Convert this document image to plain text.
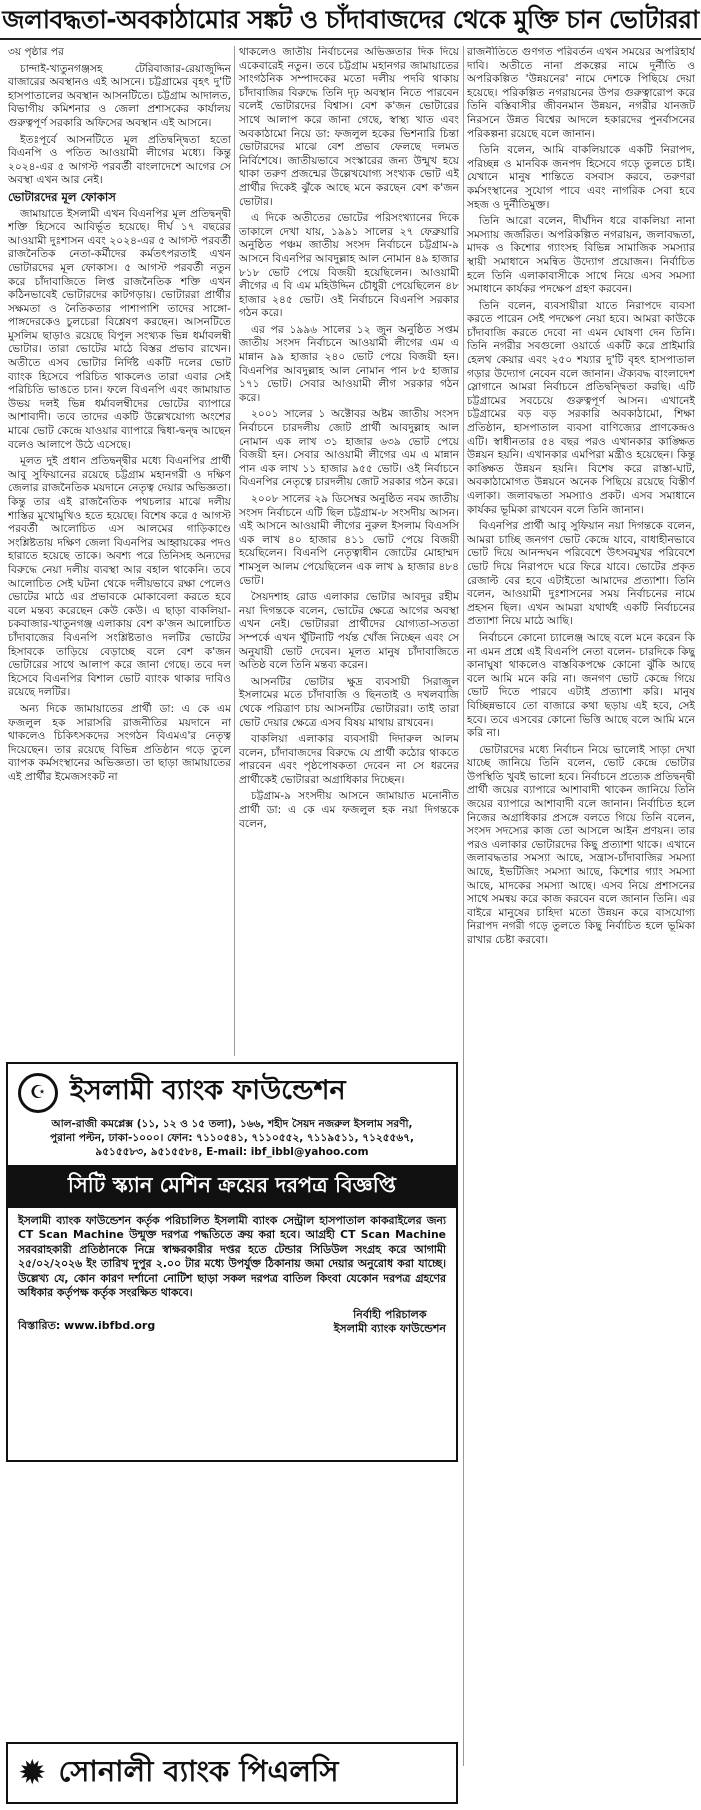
জলাবদ্ধতা-অবকাঠামোর সঙ্কট ও চাঁদাবাজদের থেকে মুক্তি চান ভোটাররা

৩য় পৃষ্ঠার পর

চান্দাই-খাতুনগঞ্জসহ টেরিবাজার-রেয়াজুদ্দিন বাজারের অবস্থানও এই আসনে। চট্টগ্রামের বৃহৎ দু'টি হাসপাতালের অবস্থান আসনটিতে। চট্টগ্রাম আদালত, বিভাগীয় কমিশনার ও জেলা প্রশাসকের কার্যালয় গুরুত্বপূর্ণ সরকারি অফিসের অবস্থান এই আসনে।

ইতঃপূর্বে আসনটিতে মূল প্রতিদ্বন্দ্বিতা হতো বিএনপি ও পতিত আওয়ামী লীগের মধ্যে। কিন্তু ২০২৪-এর ৫ আগস্ট পরবর্তী বাংলাদেশে আগের সে অবস্থা এখন আর নেই।

ভোটারদের মূল ফোকাস

জামায়াতে ইসলামী এখন বিএনপির মূল প্রতিদ্বন্দ্বী শক্তি হিসেবে আবির্ভূত হয়েছে। দীর্ঘ ১৭ বছরের আওয়ামী দুঃশাসন এবং ২০২৪-এর ৫ আগস্ট পরবর্তী রাজনৈতিক নেতা-কর্মীদের কর্মতৎপরতাই এখন ভোটারদের মূল ফোকাস। ৫ আগস্ট পরবর্তী নতুন করে চাঁদাবাজিতে লিপ্ত রাজনৈতিক শক্তি এখন কঠিনভাবেই ভোটারদের কাটগড়ায়। ভোটাররা প্রার্থীর সক্ষমতা ও নৈতিকতার পাশাপাশি তাদের সাঙ্গো-পাঙ্গদেরকেও চুলচেরা বিশ্লেষণ করছেন। আসনটিতে মুসলিম ছাড়াও রয়েছে বিপুল সংখ্যক ভিন্ন ধর্মাবলম্বী ভোটার। তারা ভোটের মাঠে বিস্তর প্রভাব রাখেন। অতীতে এসব ভোটার নির্দিষ্ট একটি দলের ভোট ব্যাংক হিসেবে পরিচিত থাকলেও তারা এবার সেই পরিচিতি ভাঙতে চান। ফলে বিএনপি এবং জামায়াত উভয় দলই ভিন্ন ধর্মাবলম্বীদের ভোটের ব্যাপারে আশাবাদী। তবে তাদের একটি উল্লেখযোগ্য অংশের মাঝে ভোট কেন্দ্রে যাওয়ার ব্যাপারে দ্বিধা-দ্বন্দ্ব আছেন বলেও আলাপে উঠে এসেছে।

মূলত দুই প্রধান প্রতিদ্বন্দ্বীর মধ্যে বিএনপির প্রার্থী আবু সুফিয়ানের রয়েছে চট্টগ্রাম মহানগরী ও দক্ষিণ জেলার রাজনৈতিক ময়দানে নেতৃত্ব দেয়ার অভিজ্ঞতা। কিন্তু তার এই রাজনৈতিক পথচলার মাঝে দলীয় শাস্তির মুখোমুখিও হতে হয়েছে। বিশেষ করে ৫ আগস্ট পরবর্তী আলোচিত এস আলমের গাড়িকাণ্ডে সংশ্লিষ্টতায় দক্ষিণ জেলা বিএনপির আহ্বায়কের পদও হারাতে হয়েছে তাকে। অবশ্য পরে তিনিসহ অন্যদের বিরুদ্ধে নেয়া দলীয় ব্যবস্থা আর বহাল থাকেনি। তবে আলোচিত সেই ঘটনা থেকে দলীয়ভাবে রক্ষা পেলেও ভোটের মাঠে এর প্রভাবকে মোকাবেলা করতে হবে বলে মন্তব্য করেছেন কেউ কেউ। এ ছাড়া বাকলিয়া-চকবাজার-খাতুনগঞ্জ এলাকায় বেশ ক'জন আলোচিত চাঁদাবাজের বিএনপি সংশ্লিষ্টতাও দলটির ভোটের হিসাবকে তাড়িয়ে বেড়াচ্ছে বলে বেশ ক'জন ভোটারের সাথে আলাপ করে জানা গেছে। তবে দল হিসেবে বিএনপির বিশাল ভোট ব্যাংক থাকার দাবিও রয়েছে দলটির।

অন্য দিকে জামায়াতের প্রার্থী ডা: এ কে এম ফজলুল হক সারাসরি রাজনীতির ময়দানে না থাকলেও চিকিৎসকদের সংগঠন বিএমএ'র নেতৃত্ব দিয়েছেন। তার রয়েছে বিভিন্ন প্রতিষ্ঠান গড়ে তুলে ব্যাপক কর্মসংস্থানের অভিজ্ঞতা। তা ছাড়া জামায়াতের এই প্রার্থীর ইমেজসংকট না

থাকলেও জাতীয় নির্বাচনের অভিজ্ঞতার দিক দিয়ে একেবারেই নতুন। তবে চট্টগ্রাম মহানগর জামায়াতের সাংগঠনিক সম্পাদকের মতো দলীয় পদবি থাকায় চাঁদাবাজির বিরুদ্ধে তিনি দৃঢ় অবস্থান নিতে পারবেন বলেই ভোটারদের বিশ্বাস। বেশ ক'জন ভোটারের সাথে আলাপ করে জানা গেছে, স্বাস্থ্য খাত এবং অবকাঠামো নিয়ে ডা: ফজলুল হকের ভিশনারি চিন্তা ভোটারদের মাঝে বেশ প্রভাব ফেলছে দলমত নির্বিশেষে। জাতীয়ভাবে সংস্কারের জন্য উন্মুখ হয়ে থাকা তরুণ প্রজন্মের উল্লেখযোগ্য সংখ্যক ভোট এই প্রার্থীর দিকেই ঝুঁকে আছে মনে করছেন বেশ ক'জন ভোটার।

এ দিকে অতীতের ভোটের পরিসংখ্যানের দিকে তাকালে দেখা যায়, ১৯৯১ সালের ২৭ ফেব্রুয়ারি অনুষ্ঠিত পঞ্চম জাতীয় সংসদ নির্বাচনে চট্টগ্রাম-৯ আসনে বিএনপির আবদুল্লাহ আল নোমান ৪৯ হাজার ৮১৮ ভোট পেয়ে বিজয়ী হয়েছিলেন। আওয়ামী লীগের এ বি এম মহিউদ্দিন চৌধুরী পেয়েছিলেন ৪৮ হাজার ২৪৫ ভোট। ওই নির্বাচনে বিএনপি সরকার গঠন করে।

এর পর ১৯৯৬ সালের ১২ জুন অনুষ্ঠিত সপ্তম জাতীয় সংসদ নির্বাচনে আওয়ামী লীগের এম এ মান্নান ৯৯ হাজার ২৪০ ভোট পেয়ে বিজয়ী হন। বিএনপির আবদুল্লাহ আল নোমান পান ৮৫ হাজার ১৭১ ভোট। সেবার আওয়ামী লীগ সরকার গঠন করে।

২০০১ সালের ১ অক্টোবর অষ্টম জাতীয় সংসদ নির্বাচনে চারদলীয় জোট প্রার্থী আবদুল্লাহ আল নোমান এক লাখ ৩১ হাজার ৬৩৯ ভোট পেয়ে বিজয়ী হন। সেবার আওয়ামী লীগের এম এ মান্নান পান এক লাখ ১১ হাজার ৯৫৫ ভোট। ওই নির্বাচনে বিএনপির নেতৃত্বে চারদলীয় জোট সরকার গঠন করে।

২০০৮ সালের ২৯ ডিসেম্বর অনুষ্ঠিত নবম জাতীয় সংসদ নির্বাচনে এটি ছিল চট্টগ্রাম-৮ সংসদীয় আসন। এই আসনে আওয়ামী লীগের নুরুল ইসলাম বিএসসি এক লাখ ৪০ হাজার ৪১১ ভোট পেয়ে বিজয়ী হয়েছিলেন। বিএনপি নেতৃত্বাধীন জোটের মোহাম্মদ শামসুল আলম পেয়েছিলেন এক লাখ ৯ হাজার ৪৮৪ ভোট।

সৈয়দশাহ রোড এলাকার ভোটার আবদুর রহীম নয়া দিগন্তকে বলেন, ভোটের ক্ষেত্রে আগের অবস্থা এখন নেই। ভোটাররা প্রার্থীদের যোগ্যতা-সততা সম্পর্কে এখন খুঁটিনাটি পর্যন্ত খোঁজ নিচ্ছেন এবং সে অনুযায়ী ভোট দেবেন। মূলত মানুষ চাঁদাবাজিতে অতিষ্ঠ বলে তিনি মন্তব্য করেন।

আসনটির ভোটার ক্ষুদ্র ব্যবসায়ী সিরাজুল ইসলামের মতে চাঁদাবাজি ও ছিনতাই ও দখলবাজি থেকে পরিত্রাণ চায় আসনটির ভোটাররা। তাই তারা ভোট দেয়ার ক্ষেত্রে এসব বিষয় মাথায় রাখবেন।

বাকলিয়া এলাকার ব্যবসায়ী দিদারুল আলম বলেন, চাঁদাবাজদের বিরুদ্ধে যে প্রার্থী কঠোর থাকতে পারবেন এবং পৃষ্ঠপোষকতা দেবেন না সে ধরনের প্রার্থীকেই ভোটাররা অগ্রাধিকার দিচ্ছেন।

চট্টগ্রাম-৯ সংসদীয় আসনে জামায়াত মনোনীত প্রার্থী ডা: এ কে এম ফজলুল হক নয়া দিগন্তকে বলেন,

রাজনীতিতে গুণগত পরিবর্তন এখন সময়ের অপরিহার্য দাবি। অতীতে নানা প্রকল্পের নামে দুর্নীতি ও অপরিকল্পিত 'উন্নয়নের' নামে দেশকে পিছিয়ে দেয়া হয়েছে। পরিকল্পিত নগরায়নের উপর গুরুত্বারোপ করে তিনি বস্তিবাসীর জীবনমান উন্নয়ন, নগরীর যানজট নিরসনে উন্নত বিশ্বের আদলে হকারদের পুনর্বাসনের পরিকল্পনা রয়েছে বলে জানান।

তিনি বলেন, আমি বাকলিয়াকে একটি নিরাপদ, পরিচ্ছন্ন ও মানবিক জনপদ হিসেবে গড়ে তুলতে চাই। যেখানে মানুষ শান্তিতে বসবাস করবে, তরুণরা কর্মসংস্থানের সুযোগ পাবে এবং নাগরিক সেবা হবে সহজ ও দুর্নীতিমুক্ত।

তিনি আরো বলেন, দীর্ঘদিন ধরে বাকলিয়া নানা সমস্যায় জর্জরিত। অপরিকল্পিত নগরায়ন, জলাবদ্ধতা, মাদক ও কিশোর গ্যাংসহ বিভিন্ন সামাজিক সমস্যার স্থায়ী সমাধানে সমন্বিত উদ্যোগ প্রয়োজন। নির্বাচিত হলে তিনি এলাকাবাসীকে সাথে নিয়ে এসব সমস্যা সমাধানে কার্যকর পদক্ষেপ গ্রহণ করবেন।

তিনি বলেন, ব্যবসায়ীরা যাতে নিরাপদে ব্যবসা করতে পারেন সেই পদক্ষেপ নেয়া হবে। আমরা কাউকে চাঁদাবাজি করতে দেবো না এমন ঘোষণা দেন তিনি। তিনি নগরীর সবগুলো ওয়ার্ডে একটি করে প্রাইমারি হেলথ কেয়ার এবং ২৫০ শয্যার দু'টি বৃহৎ হাসপাতাল গড়ার উদ্যোগ নেবেন বলে জানান। ঐক্যবদ্ধ বাংলাদেশ স্লোগানে আমরা নির্বাচনে প্রতিদ্বন্দ্বিতা করছি। এটি চট্টগ্রামের সবচেয়ে গুরুত্বপূর্ণ আসন। এখানেই চট্টগ্রামের বড় বড় সরকারি অবকাঠামো, শিক্ষা প্রতিষ্ঠান, হাসপাতাল ব্যবসা বাণিজ্যের প্রাণকেন্দ্রও এটি। স্বাধীনতার ৫৪ বছর পরও এখানকার কাঙ্ক্ষিত উন্নয়ন হয়নি। এখানকার এমপিরা মন্ত্রীও হয়েছেন। কিন্তু কাঙ্ক্ষিত উন্নয়ন হয়নি। বিশেষ করে রাস্তা-ঘাট, অবকাঠামোগত উন্নয়নে অনেক পিছিয়ে রয়েছে বিস্তীর্ণ এলাকা। জলাবদ্ধতা সমস্যাও প্রকট। এসব সমাধানে কার্যকর ভূমিকা রাখবেন বলে তিনি জানান।

বিএনপির প্রার্থী আবু সুফিয়ান নয়া দিগন্তকে বলেন, আমরা চাচ্ছি জনগণ ভোট কেন্দ্রে যাবে, বাধাহীনভাবে ভোট দিয়ে আনন্দঘন পরিবেশে উৎসবমুখর পরিবেশে ভোট দিয়ে নিরাপদে ঘরে ফিরে যাবে। ভোটের প্রকৃত রেজাল্ট বের হবে এটাইতো আমাদের প্রত্যাশা। তিনি বলেন, আওয়ামী দুঃশাসনের সময় নির্বাচনের নামে প্রহসন ছিল। এখন আমরা যথার্থই একটি নির্বাচনের প্রত্যাশা নিয়ে মাঠে আছি।

নির্বাচনে কোনো চ্যালেঞ্জ আছে বলে মনে করেন কি না এমন প্রশ্নে এই বিএনপি নেতা বলেন- চারদিকে কিছু কানাঘুষা থাকলেও বাস্তবিকপক্ষে কোনো ঝুঁকি আছে বলে আমি মনে করি না। জনগণ ভোট কেন্দ্রে গিয়ে ভোট দিতে পারবে এটাই প্রত্যাশা করি। মানুষ বিচ্ছিন্নভাবে তো বাজারে কথা ছড়ায় এই হবে, সেই হবে। তবে এসবের কোনো ভিত্তি আছে বলে আমি মনে করি না।

ভোটারদের মধ্যে নির্বাচন নিয়ে ভালোই সাড়া দেখা যাচ্ছে জানিয়ে তিনি বলেন, ভোট কেন্দ্রে ভোটার উপস্থিতি খুবই ভালো হবে। নির্বাচনে প্রত্যেক প্রতিদ্বন্দ্বী প্রার্থী জয়ের ব্যাপারে আশাবাদী থাকেন জানিয়ে তিনি জয়ের ব্যাপারে আশাবাদী বলে জানান। নির্বাচিত হলে নিজের অগ্রাধিকার প্রসঙ্গে বলতে গিয়ে তিনি বলেন, সংসদ সদস্যের কাজ তো আসলে আইন প্রণয়ন। তার পরও এলাকার ভোটারদের কিছু প্রত্যাশা থাকে। এখানে জলাবদ্ধতার সমস্যা আছে, সন্ত্রাস-চাঁদাবাজির সমস্যা আছে, ইভটিজিং সমস্যা আছে, কিশোর গ্যাং সমস্যা আছে, মাদকের সমস্যা আছে। এসব নিয়ে প্রশাসনের সাথে সমন্বয় করে কাজ করবেন বলে জানান তিনি। এর বাইরে মানুষের চাহিদা মতো উন্নয়ন করে বাসযোগ্য নিরাপদ নগরী গড়ে তুলতে কিছু নির্বাচিত হলে ভূমিকা রাখার চেষ্টা করবো।

☪ ইসলামী ব্যাংক ফাউন্ডেশন
আল-রাজী কমপ্লেক্স (১১, ১২ ও ১৫ তলা), ১৬৬, শহীদ সৈয়দ নজরুল ইসলাম সরণী,
পুরানা পল্টন, ঢাকা-১০০০। ফোন: ৭১১০৫৪১, ৭১১০৫৫২, ৭১১৯৫১১, ৭১২৫৫৬৭,
৯৫১৫৫৮৩, ৯৫১৫৫৮৪, E-mail: ibf_ibbl@yahoo.com
সিটি স্ক্যান মেশিন ক্রয়ের দরপত্র বিজ্ঞপ্তি
ইসলামী ব্যাংক ফাউন্ডেশন কর্তৃক পরিচালিত ইসলামী ব্যাংক সেন্ট্রাল হাসপাতাল কাকরাইলের জন্য CT Scan Machine উন্মুক্ত দরপত্র পদ্ধতিতে ক্রয় করা হবে। আগ্রহী CT Scan Machine সরবরাহকারী প্রতিষ্ঠানকে নিম্নে স্বাক্ষরকারীর দপ্তর হতে টেন্ডার সিডিউল সংগ্রহ করে আগামী ২৫/০২/২০২৬ ইং তারিখ দুপুর ২.০০ টার মধ্যে উপর্যুক্ত ঠিকানায় জমা দেয়ার অনুরোধ করা যাচ্ছে। উল্লেখ্য যে, কোন কারণ দর্শানো নোটিশ ছাড়া সকল দরপত্র বাতিল কিংবা যেকোন দরপত্র গ্রহণের অধিকার কর্তৃপক্ষ কর্তৃক সংরক্ষিত থাকবে।
বিস্তারিত: www.ibfbd.org
নির্বাহী পরিচালক
ইসলামী ব্যাংক ফাউন্ডেশন
✹ সোনালী ব্যাংক পিএলসি
